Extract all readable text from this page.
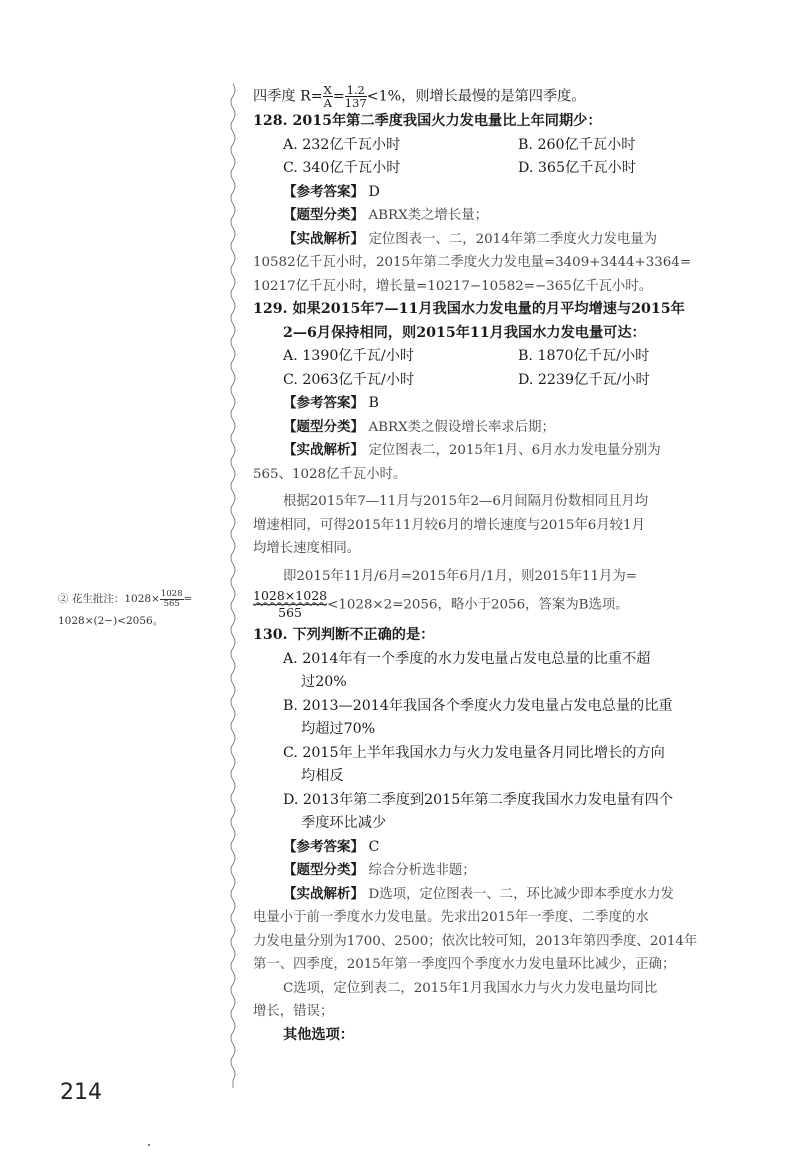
② 花生批注：$1028\times \frac{1028}{565}$ =
1028×(2−)<2056。
四季度 $R= \frac{X}{A} = \frac{1.2}{137} <1\%$，则增长最慢的是第四季度。
128. 2015年第二季度我国火力发电量比上年同期少：
A. 232亿千瓦小时	B. 260亿千瓦小时
C. 340亿千瓦小时	D. 365亿千瓦小时
【参考答案】 D
【题型分类】 ABRX类之增长量；
【实战解析】 定位图表一、二，2014年第二季度火力发电量为
10582亿千瓦小时，2015年第二季度火力发电量=3409+3444+3364=
10217亿千瓦小时，增长量=10217−10582=−365亿千瓦小时。
129. 如果2015年7—11月我国水力发电量的月平均增速与2015年
2—6月保持相同，则2015年11月我国水力发电量可达：
A. 1390亿千瓦/小时	B. 1870亿千瓦/小时
C. 2063亿千瓦/小时	D. 2239亿千瓦/小时
【参考答案】 B
【题型分类】 ABRX类之假设增长率求后期；
【实战解析】 定位图表二，2015年1月、6月水力发电量分别为
565、1028亿千瓦小时。
根据2015年7—11月与2015年2—6月间隔月份数相同且月均
增速相同，可得2015年11月较6月的增长速度与2015年6月较1月
均增长速度相同。
即2015年11月/6月=2015年6月/1月，则2015年11月为=
$\frac{1028\times 1028}{565} <1028\times 2=2056$，略小于2056，答案为B选项。
130. 下列判断不正确的是：
A. 2014年有一个季度的水力发电量占发电总量的比重不超
过20%
B. 2013—2014年我国各个季度火力发电量占发电总量的比重
均超过70%
C. 2015年上半年我国水力与火力发电量各月同比增长的方向
均相反
D. 2013年第二季度到2015年第二季度我国水力发电量有四个
季度环比减少
【参考答案】 C
【题型分类】 综合分析选非题；
【实战解析】 D选项，定位图表一、二，环比减少即本季度水力发
电量小于前一季度水力发电量。先求出2015年一季度、二季度的水
力发电量分别为1700、2500；依次比较可知，2013年第四季度、2014年
第一、四季度，2015年第一季度四个季度水力发电量环比减少，正确；
C选项，定位到表二，2015年1月我国水力与火力发电量均同比
增长，错误；
其他选项：
214
